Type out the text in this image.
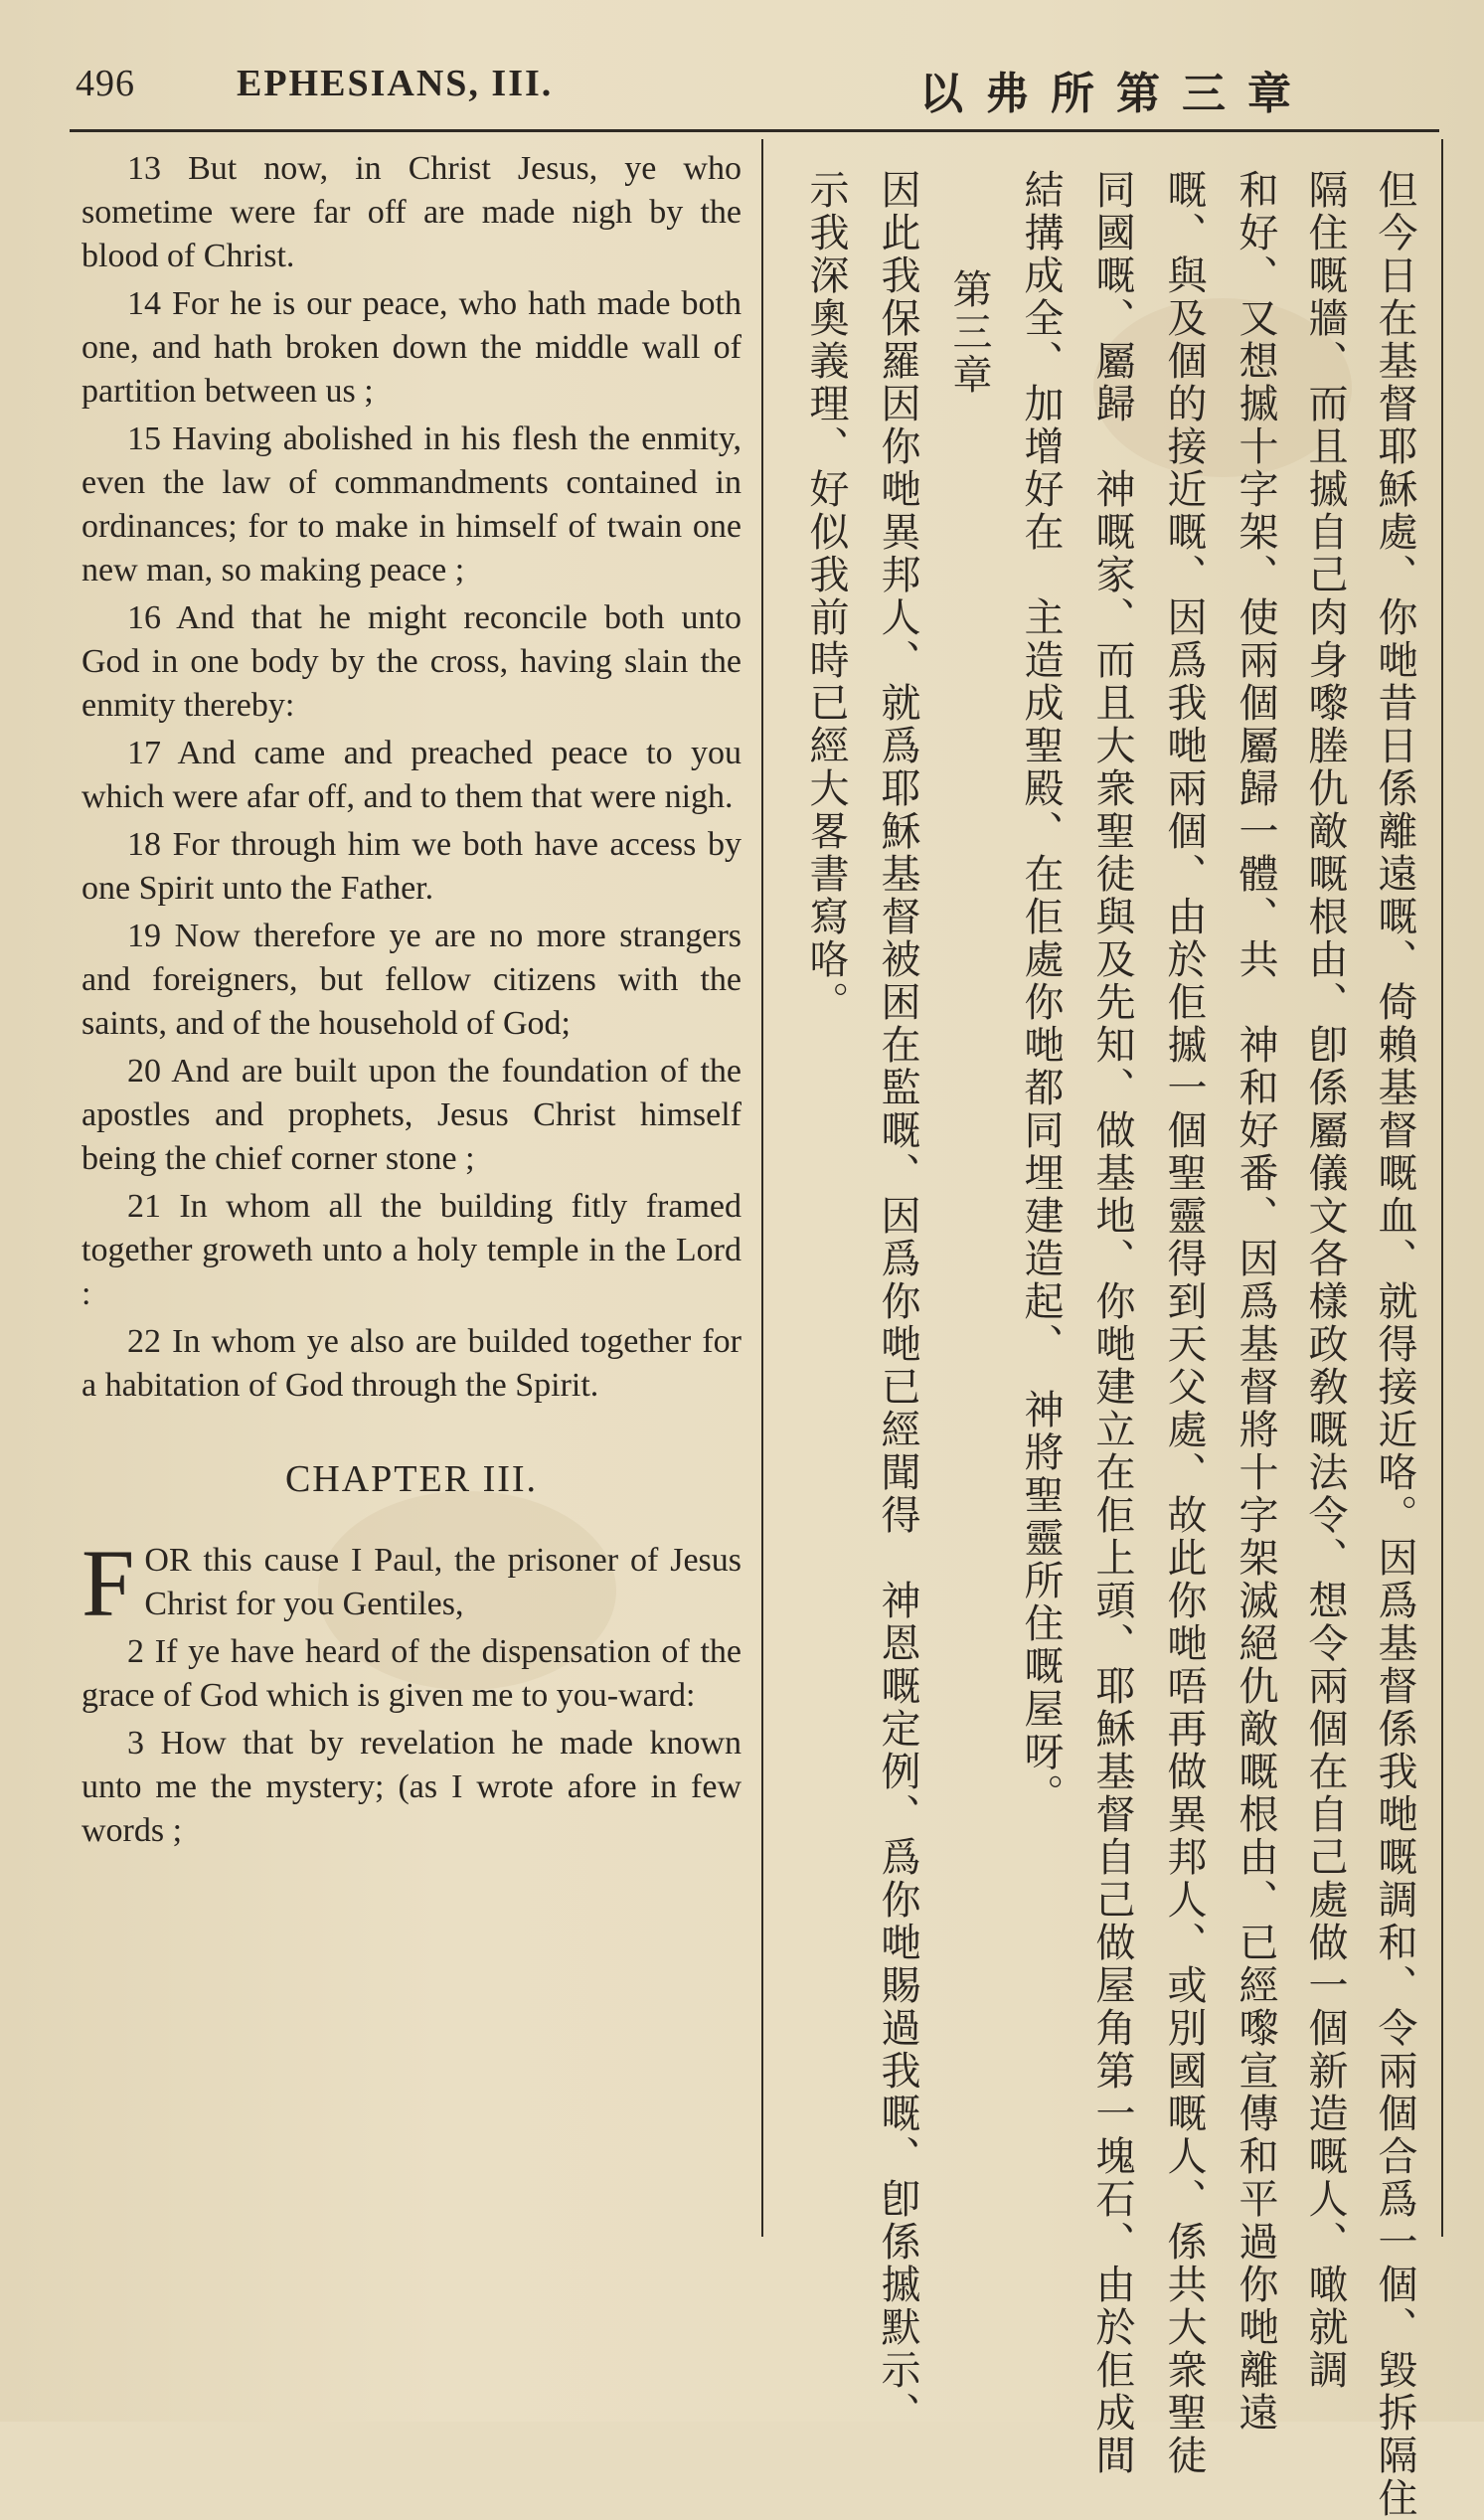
496	EPHESIANS, III.	以弗所第三章

13 But now, in Christ Jesus, ye who sometime were far off are made nigh by the blood of Christ.

14 For he is our peace, who hath made both one, and hath broken down the middle wall of partition between us ;

15 Having abolished in his flesh the enmity, even the law of commandments contained in ordinances; for to make in himself of twain one new man, so making peace ;

16 And that he might reconcile both unto God in one body by the cross, having slain the enmity thereby:

17 And came and preached peace to you which were afar off, and to them that were nigh.

18 For through him we both have access by one Spirit unto the Father.

19 Now therefore ye are no more strangers and foreigners, but fellow citizens with the saints, and of the household of God;

20 And are built upon the foundation of the apostles and prophets, Jesus Christ himself being the chief corner stone ;

21 In whom all the building fitly framed together groweth unto a holy temple in the Lord :

22 In whom ye also are builded together for a habitation of God through the Spirit.

CHAPTER III.

F OR this cause I Paul, the prisoner of Jesus Christ for you Gentiles,

2 If ye have heard of the dispensation of the grace of God which is given me to you-ward:

3 How that by revelation he made known unto me the mystery; (as I wrote afore in few words ;	但今日在基督耶穌處、你哋昔日係離遠嘅、倚賴基督嘅血、就得接近咯。因爲基督係我哋嘅調和、令兩個合爲一個、毀拆隔住
隔住嘅牆、而且摵自己肉身嚟塍仇敵嘅根由、卽係屬儀文各樣政敎嘅法令、想令兩個在自己處做一個新造嘅人、噉就調
和好、又想摵十字架、使兩個屬歸一體、共　神和好番、因爲基督將十字架滅絕仇敵嘅根由、已經嚟宣傳和平過你哋離遠
嘅、與及個的接近嘅、因爲我哋兩個、由於佢摵一個聖靈得到天父處、故此你哋唔再做異邦人、或別國嘅人、係共大衆聖徒
同國嘅、屬歸　神嘅家、而且大衆聖徒與及先知、做基地、你哋建立在佢上頭、耶穌基督自己做屋角第一塊石、由於佢成間
結搆成全、加增好在　主造成聖殿、在佢處你哋都同埋建造起、　神將聖靈所住嘅屋呀。
第三章
因此我保羅因你哋異邦人、就爲耶穌基督被困在監嘅、因爲你哋已經聞得　神恩嘅定例、爲你哋賜過我嘅、卽係摵默示、
示我深奧義理、好似我前時已經大畧書寫咯。
